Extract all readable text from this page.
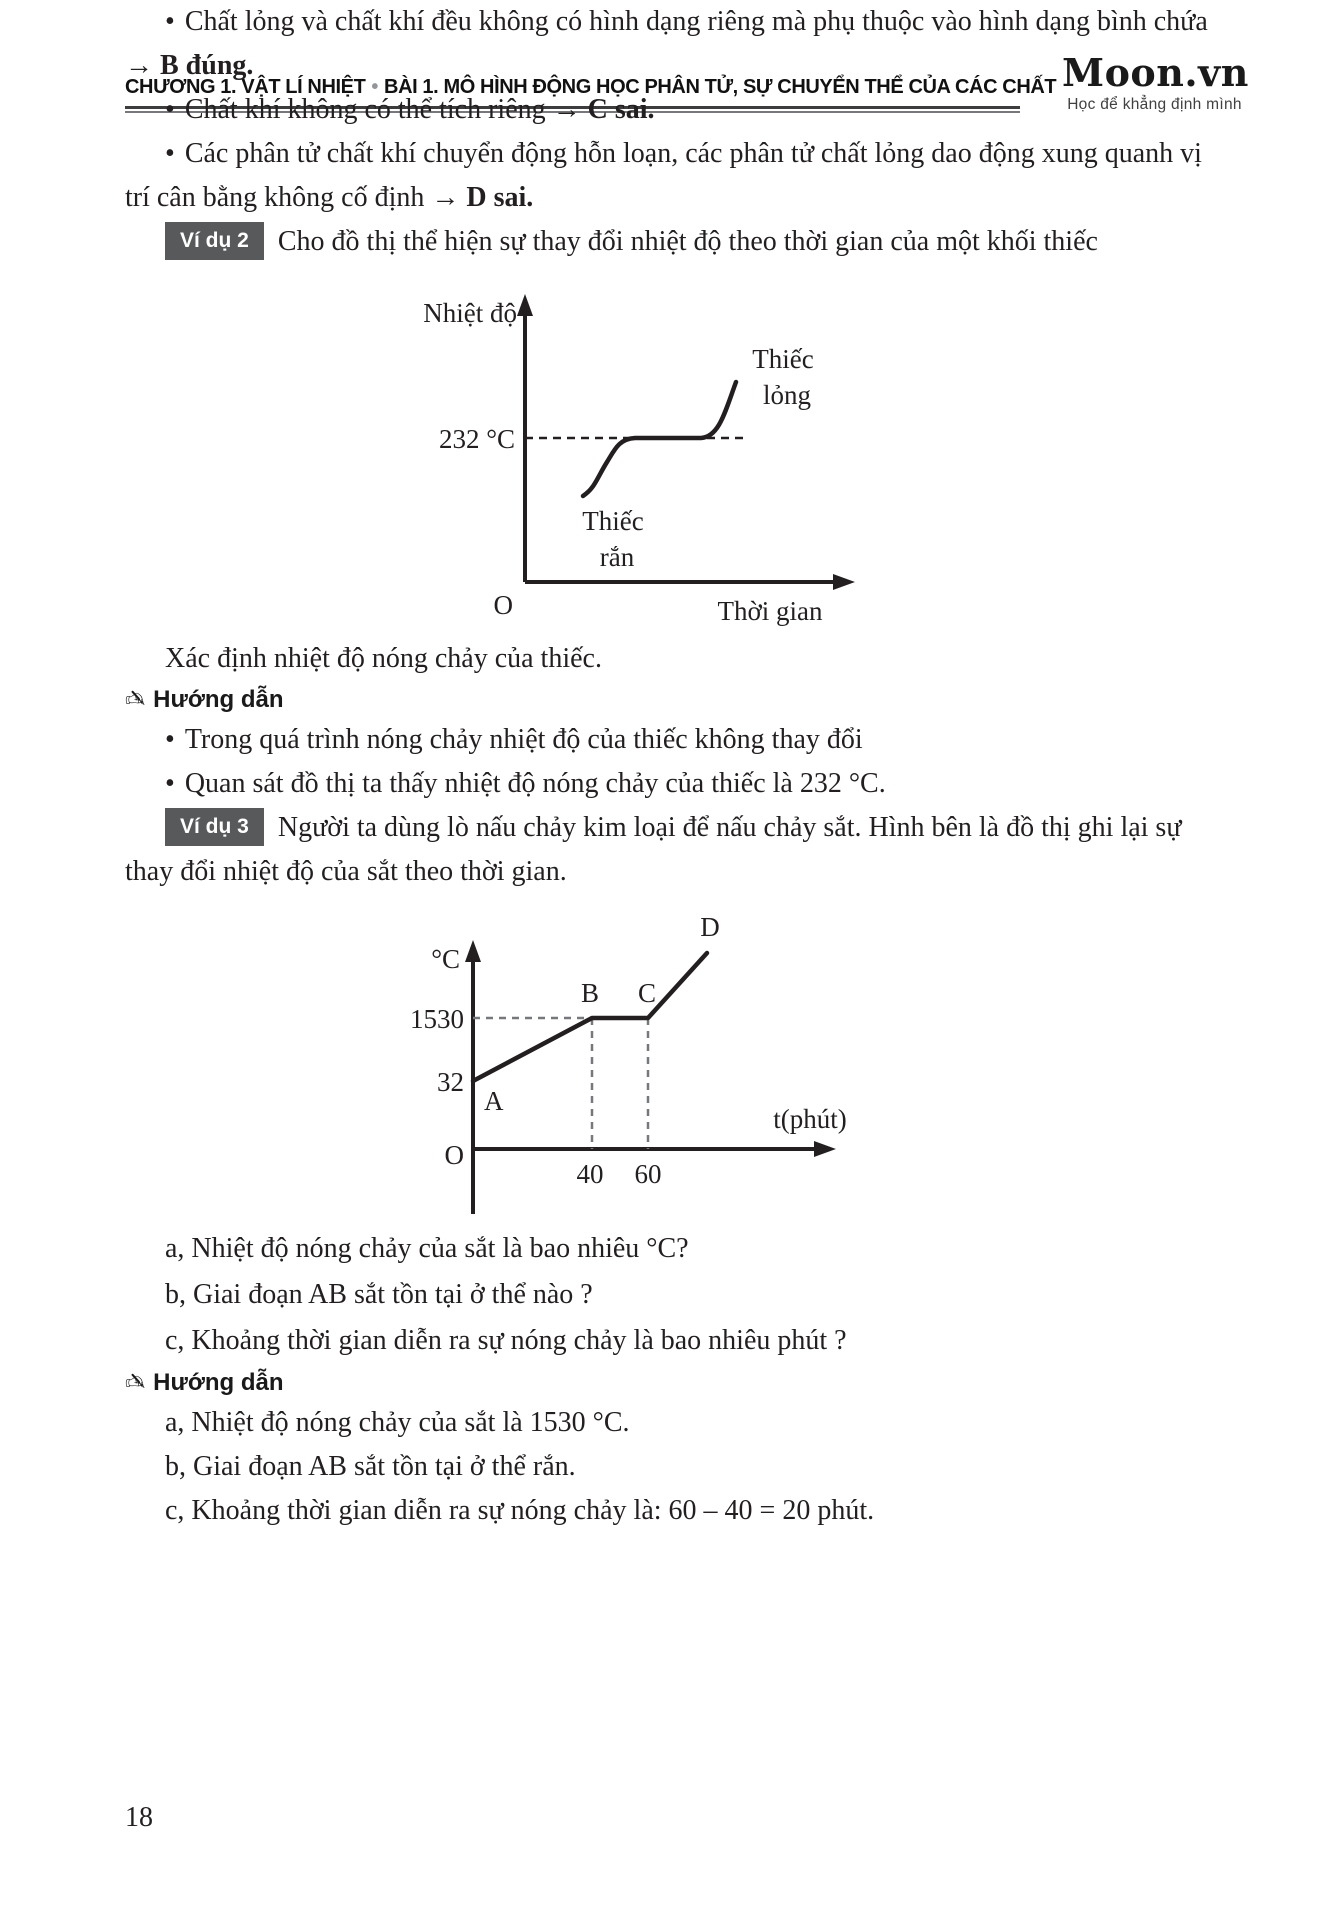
CHƯƠNG 1. VẬT LÍ NHIỆT • BÀI 1. MÔ HÌNH ĐỘNG HỌC PHÂN TỬ, SỰ CHUYỂN THỂ CỦA CÁC CHẤT Moon.vn
Học để khẳng định mình

• Chất lỏng và chất khí đều không có hình dạng riêng mà phụ thuộc vào hình dạng bình chứa → B đúng.

• Chất khí không có thể tích riêng → C sai.

• Các phân tử chất khí chuyển động hỗn loạn, các phân tử chất lỏng dao động xung quanh vị trí cân bằng không cố định → D sai.

Ví dụ 2 Cho đồ thị thể hiện sự thay đổi nhiệt độ theo thời gian của một khối thiếc

Nhiệt độ
232 °C
Thiếc
rắn
Thiếc
lỏng
O	Thời gian

Xác định nhiệt độ nóng chảy của thiếc.

✍ Hướng dẫn

• Trong quá trình nóng chảy nhiệt độ của thiếc không thay đổi

• Quan sát đồ thị ta thấy nhiệt độ nóng chảy của thiếc là 232 °C.

Ví dụ 3 Người ta dùng lò nấu chảy kim loại để nấu chảy sắt. Hình bên là đồ thị ghi lại sự thay đổi nhiệt độ của sắt theo thời gian.

°C
1530
32
O
A
B C
D
40 60
t(phút)

a, Nhiệt độ nóng chảy của sắt là bao nhiêu °C?

b, Giai đoạn AB sắt tồn tại ở thể nào ?

c, Khoảng thời gian diễn ra sự nóng chảy là bao nhiêu phút ?

✍ Hướng dẫn

a, Nhiệt độ nóng chảy của sắt là 1530 °C.

b, Giai đoạn AB sắt tồn tại ở thể rắn.

c, Khoảng thời gian diễn ra sự nóng chảy là: 60 – 40 = 20 phút.

18
